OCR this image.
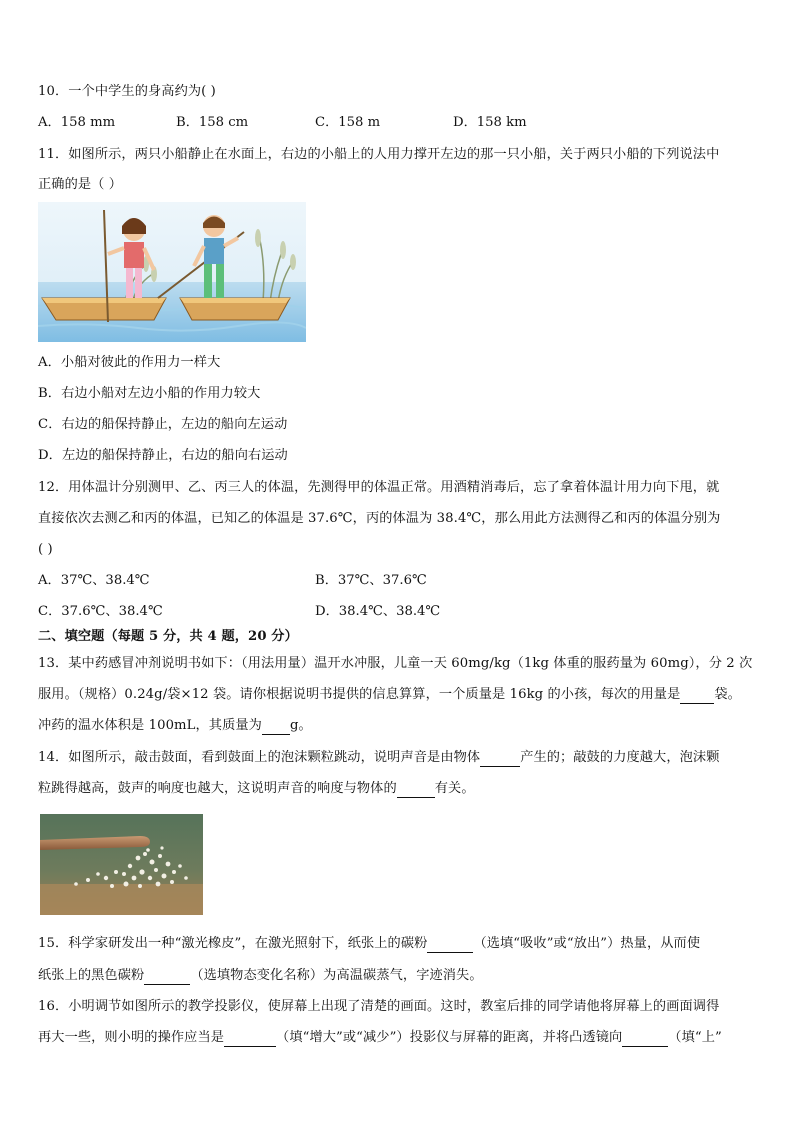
10．一个中学生的身高约为( )
A．158 mm	B．158 cm	C．158 m	D．158 km
11．如图所示，两只小船静止在水面上，右边的小船上的人用力撑开左边的那一只小船，关于两只小船的下列说法中
正确的是（ ）
A．小船对彼此的作用力一样大
B．右边小船对左边小船的作用力较大
C．右边的船保持静止，左边的船向左运动
D．左边的船保持静止，右边的船向右运动
12．用体温计分别测甲、乙、丙三人的体温，先测得甲的体温正常。用酒精消毒后，忘了拿着体温计用力向下甩，就
直接依次去测乙和丙的体温，已知乙的体温是 37.6℃，丙的体温为 38.4℃，那么用此方法测得乙和丙的体温分别为
( )
A．37℃、38.4℃	B．37℃、37.6℃
C．37.6℃、38.4℃	D．38.4℃、38.4℃
二、填空题（每题 5 分，共 4 题，20 分）
13．某中药感冒冲剂说明书如下：（用法用量）温开水冲服，儿童一天 60mg/kg（1kg 体重的服药量为 60mg），分 2 次
服用。（规格）0.24g/袋×12 袋。请你根据说明书提供的信息算算，一个质量是 16kg 的小孩，每次的用量是	袋。
冲药的温水体积是 100mL，其质量为 g。
14．如图所示，敲击鼓面，看到鼓面上的泡沫颗粒跳动，说明声音是由物体	产生的；敲鼓的力度越大，泡沫颗
粒跳得越高，鼓声的响度也越大，这说明声音的响度与物体的	有关。
15．科学家研发出一种“激光橡皮”，在激光照射下，纸张上的碳粉	（选填“吸收”或“放出”）热量，从而使
纸张上的黑色碳粉	（选填物态变化名称）为高温碳蒸气，字迹消失。
16．小明调节如图所示的教学投影仪，使屏幕上出现了清楚的画面。这时，教室后排的同学请他将屏幕上的画面调得
再大一些，则小明的操作应当是	（填“增大”或“减少”）投影仪与屏幕的距离，并将凸透镜向	（填“上”
